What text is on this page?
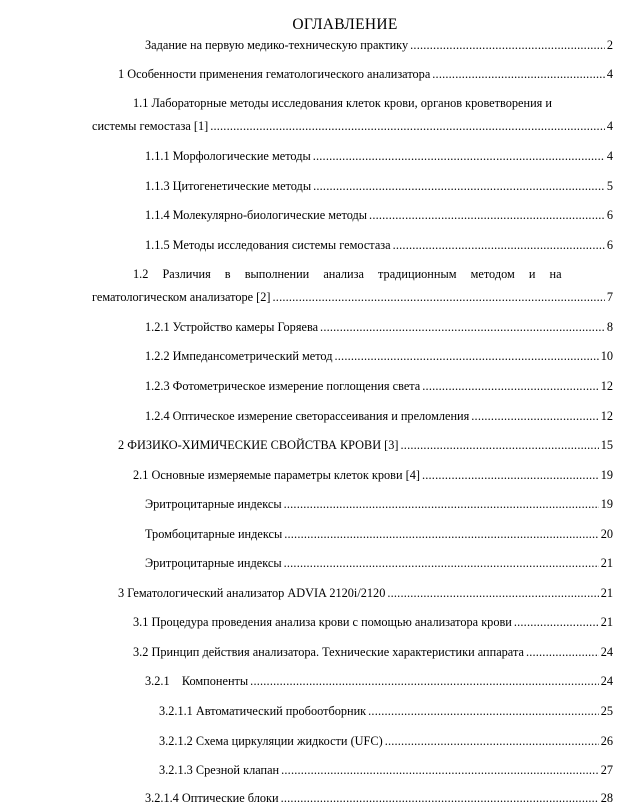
ОГЛАВЛЕНИЕ
Задание на первую медико-техническую практику .....	2
1 Особенности применения гематологического анализатора .....	4
1.1 Лабораторные методы исследования клеток крови, органов кроветворения и
системы гемостаза [1] .....	4
1.1.1 Морфологические методы .....	4
1.1.3 Цитогенетические методы .....	5
1.1.4 Молекулярно-биологические методы .....	6
1.1.5 Методы исследования системы гемостаза .....	6
1.2 Различия в выполнении анализа традиционным методом и на
гематологическом анализаторе [2] .....	7
1.2.1 Устройство камеры Горяева .....	8
1.2.2 Импедансометрический метод .....	10
1.2.3 Фотометрическое измерение поглощения света .....	12
1.2.4 Оптическое измерение светорассеивания и преломления .....	12
2 ФИЗИКО-ХИМИЧЕСКИЕ СВОЙСТВА КРОВИ [3] .....	15
2.1 Основные измеряемые параметры клеток крови [4] .....	19
Эритроцитарные индексы .....	19
Тромбоцитарные индексы .....	20
Эритроцитарные индексы .....	21
3 Гематологический анализатор ADVIA 2120i/2120 .....	21
3.1 Процедура проведения анализа крови с помощью анализатора крови .....	21
3.2 Принцип действия анализатора. Технические характеристики аппарата .....	24
3.2.1    Компоненты .....	24
3.2.1.1 Автоматический пробоотборник .....	25
3.2.1.2 Схема циркуляции жидкости (UFC) .....	26
3.2.1.3 Срезной клапан .....	27
3.2.1.4 Оптические блоки .....	28
